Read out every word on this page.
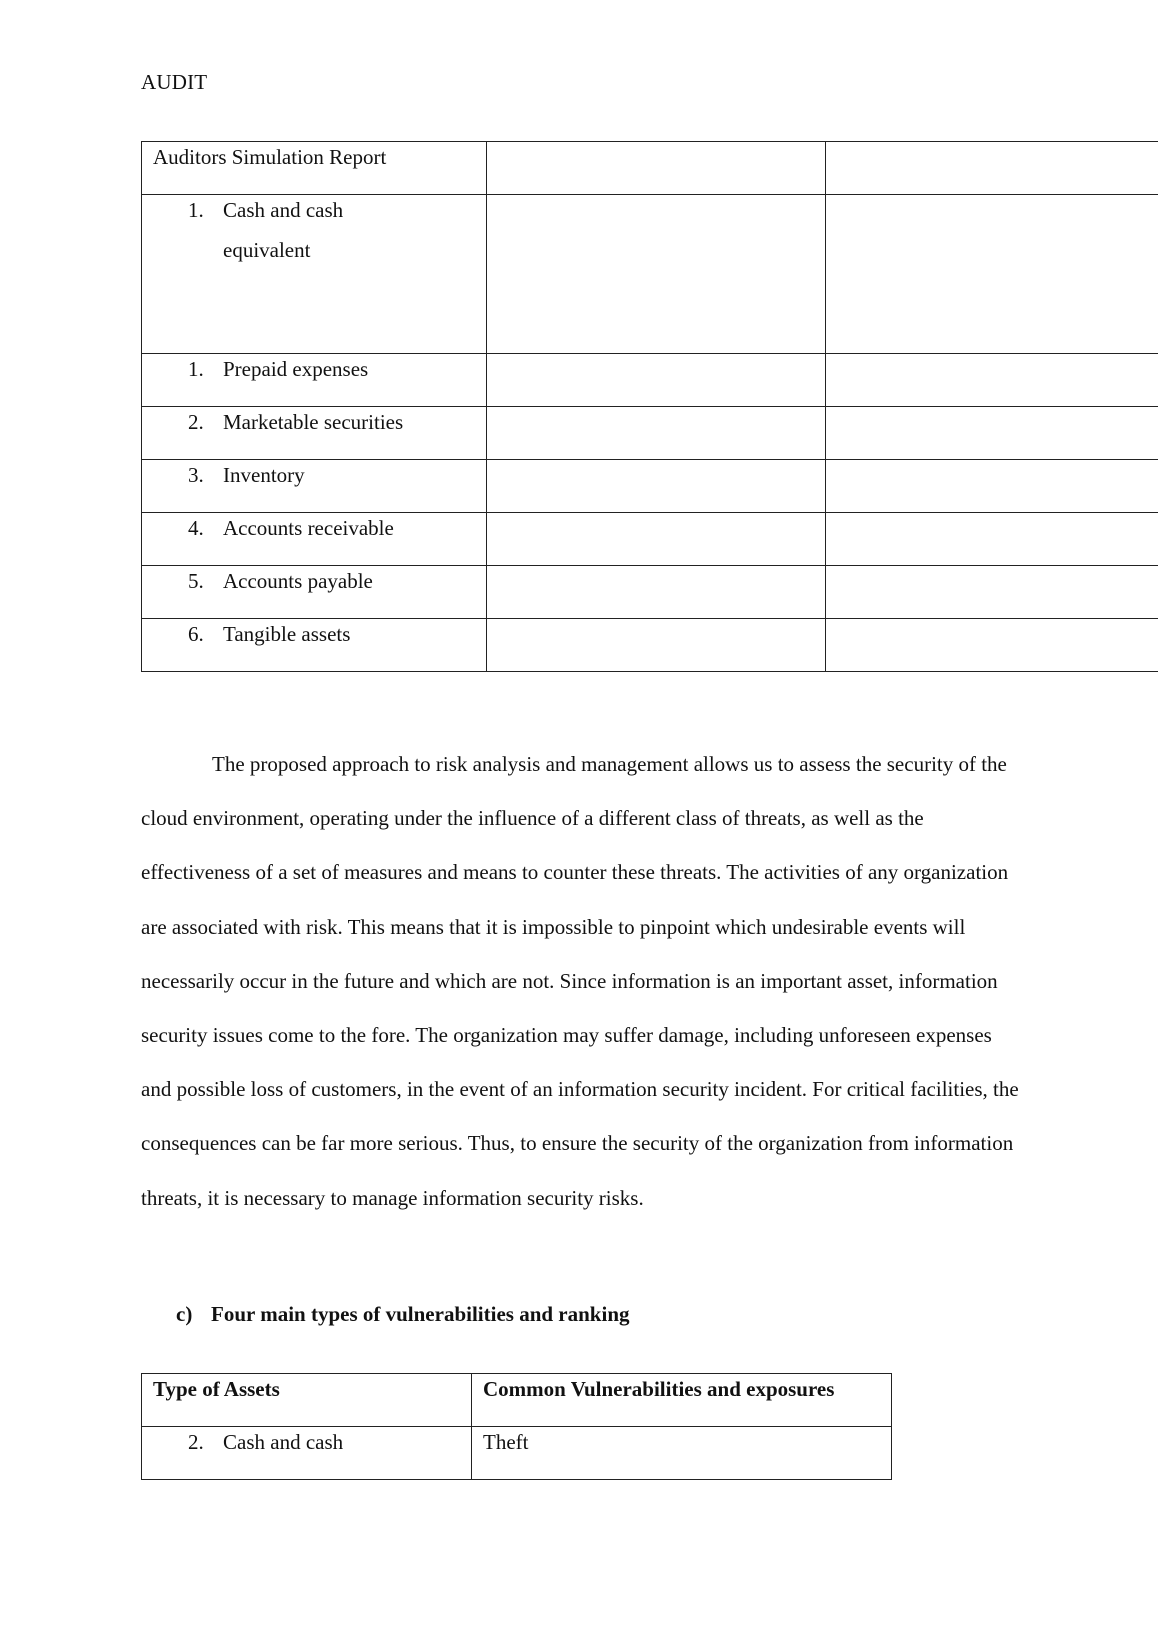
AUDIT
Auditors Simulation Report		

1. Cash and cash
equivalent		

1. Prepaid expenses		

2. Marketable securities		

3. Inventory		

4. Accounts receivable		

5. Accounts payable		

6. Tangible assets		

The proposed approach to risk analysis and management allows us to assess the security of the cloud environment, operating under the influence of a different class of threats, as well as the effectiveness of a set of measures and means to counter these threats. The activities of any organization are associated with risk. This means that it is impossible to pinpoint which undesirable events will necessarily occur in the future and which are not. Since information is an important asset, information security issues come to the fore. The organization may suffer damage, including unforeseen expenses and possible loss of customers, in the event of an information security incident. For critical facilities, the consequences can be far more serious. Thus, to ensure the security of the organization from information threats, it is necessary to manage information security risks.

c) Four main types of vulnerabilities and ranking
Type of Assets	Common Vulnerabilities and exposures

2. Cash and cash	Theft
